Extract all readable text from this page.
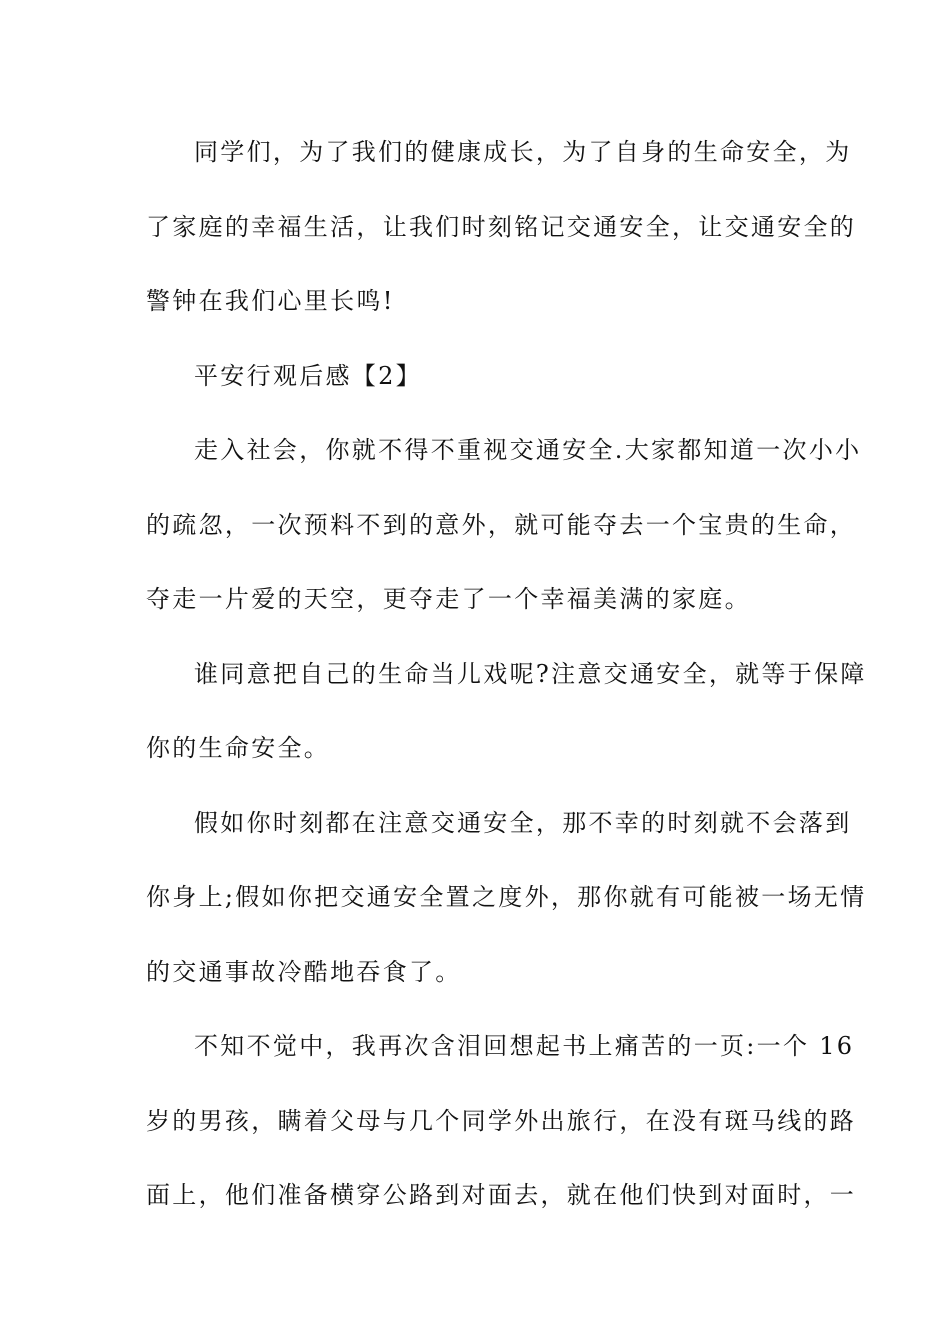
同学们，为了我们的健康成长，为了自身的生命安全，为
了家庭的幸福生活，让我们时刻铭记交通安全，让交通安全的
警钟在我们心里长鸣!
平安行观后感【2】
走入社会，你就不得不重视交通安全.大家都知道一次小小
的疏忽，一次预料不到的意外，就可能夺去一个宝贵的生命，
夺走一片爱的天空，更夺走了一个幸福美满的家庭。
谁同意把自己的生命当儿戏呢?注意交通安全，就等于保障
你的生命安全。
假如你时刻都在注意交通安全，那不幸的时刻就不会落到
你身上;假如你把交通安全置之度外，那你就有可能被一场无情
的交通事故冷酷地吞食了。
不知不觉中，我再次含泪回想起书上痛苦的一页:一个 16
岁的男孩，瞒着父母与几个同学外出旅行，在没有斑马线的路
面上，他们准备横穿公路到对面去，就在他们快到对面时，一
